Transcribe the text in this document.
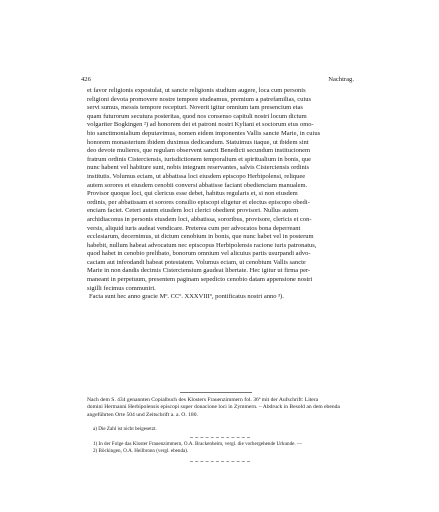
426	Nachtrag.
et favor religionis expostulat, ut sancte religionis studium augere, loca cum personis
religioni devota promovere nostre tempore studeamus, premium a patrefamilias, cuius
servi sumus, messis tempore recepturi. Noverit igitur omnium tam presencium etas
quam futurorum secutura posteritas, quod nos consenso capituli nostri locum dictum
volgariter Bogkingen ²) ad honorem dei et patroni nostri Kyliani et sociorum eius omo-
bio sanctimonialium deputavimus, nomen eidem imponentes Vallis sancte Marie, in cuius
honorem monasterium ibidem duximus dedicandum. Statuimus itaque, ut ibidem sint
deo devote mulieres, que regulam observent sancti Benedicti secundum institucionem
fratrum ordinis Cisterciensis, iurisdictionem temporalium et spiritualium in bonis, que
nunc habent vel habiture sunt, nobis integram reservantes, salvis Cisterciensis ordinis
institutis. Volumus eciam, ut abbatissa loci eiusdem episcopo Herbipolensi, reliquee
autem sorores et eiusdem cenobii conversi abbatisse faciant obedienciam manualem.
Provisor quoque loci, qui clericus esse debet, habitus regularis et, si non eiusdem
ordinis, per abbatissam et sorores consilio episcopi eligetur et electus episcopo obedi-
enciam faciet. Ceteri autem eiusdem loci clerici obedient provisori. Nullus autem
archidiaconus in personis eiusdem loci, abbatissa, sororibus, provisore, clericis et con-
versis, aliquid iuris audeat vendicare. Preterea cum per advocatos bona deperreant
ecclesiarum, decernimus, ut dictum cenobium in bonis, que nunc habet vel in posterum
habebit, nullum habeat advocatum nec episcopus Herbipolensis racione iuris patronatus,
quod habet in cenobio prelibato, bonorum omnium vel alicuius partis usurpandi advo-
caciam aut infeodandi habeat potestatem. Volumus eciam, ut cenobium Vallis sancte
Marie in non dandis decimis Cisterciensium gaudeat libertate. Hec igitur ut firma per-
maneant in perpetuum, presentem paginam sepedicto cenobio datam appensione nostri
sigilli fecimus communiri.
Facta sunt hec anno gracie Mº. CCº. XXXVIIIº, pontificatus nostri anno ³).
Nach dem S. 434 genannten Copialbuch des Klosters Frauenzimmern fol. 36ª mit der Aufschrift: Litera
domini Hermanni Herbipolensis episcopi super donacione loci in Zymmern. – Abdruck in Besold an dem ebenda
angeführten Orte 504 und Zeitschrift a. a. O. 180.
a) Die Zahl ist nicht beigesetzt.
1) In der Folge das Kloster Frauenzimmern, O.A. Brackenheim, vergl. die vorhergehende Urkunde. —
2) Böckingen, O.A. Heilbronn (vergl. ebenda).
